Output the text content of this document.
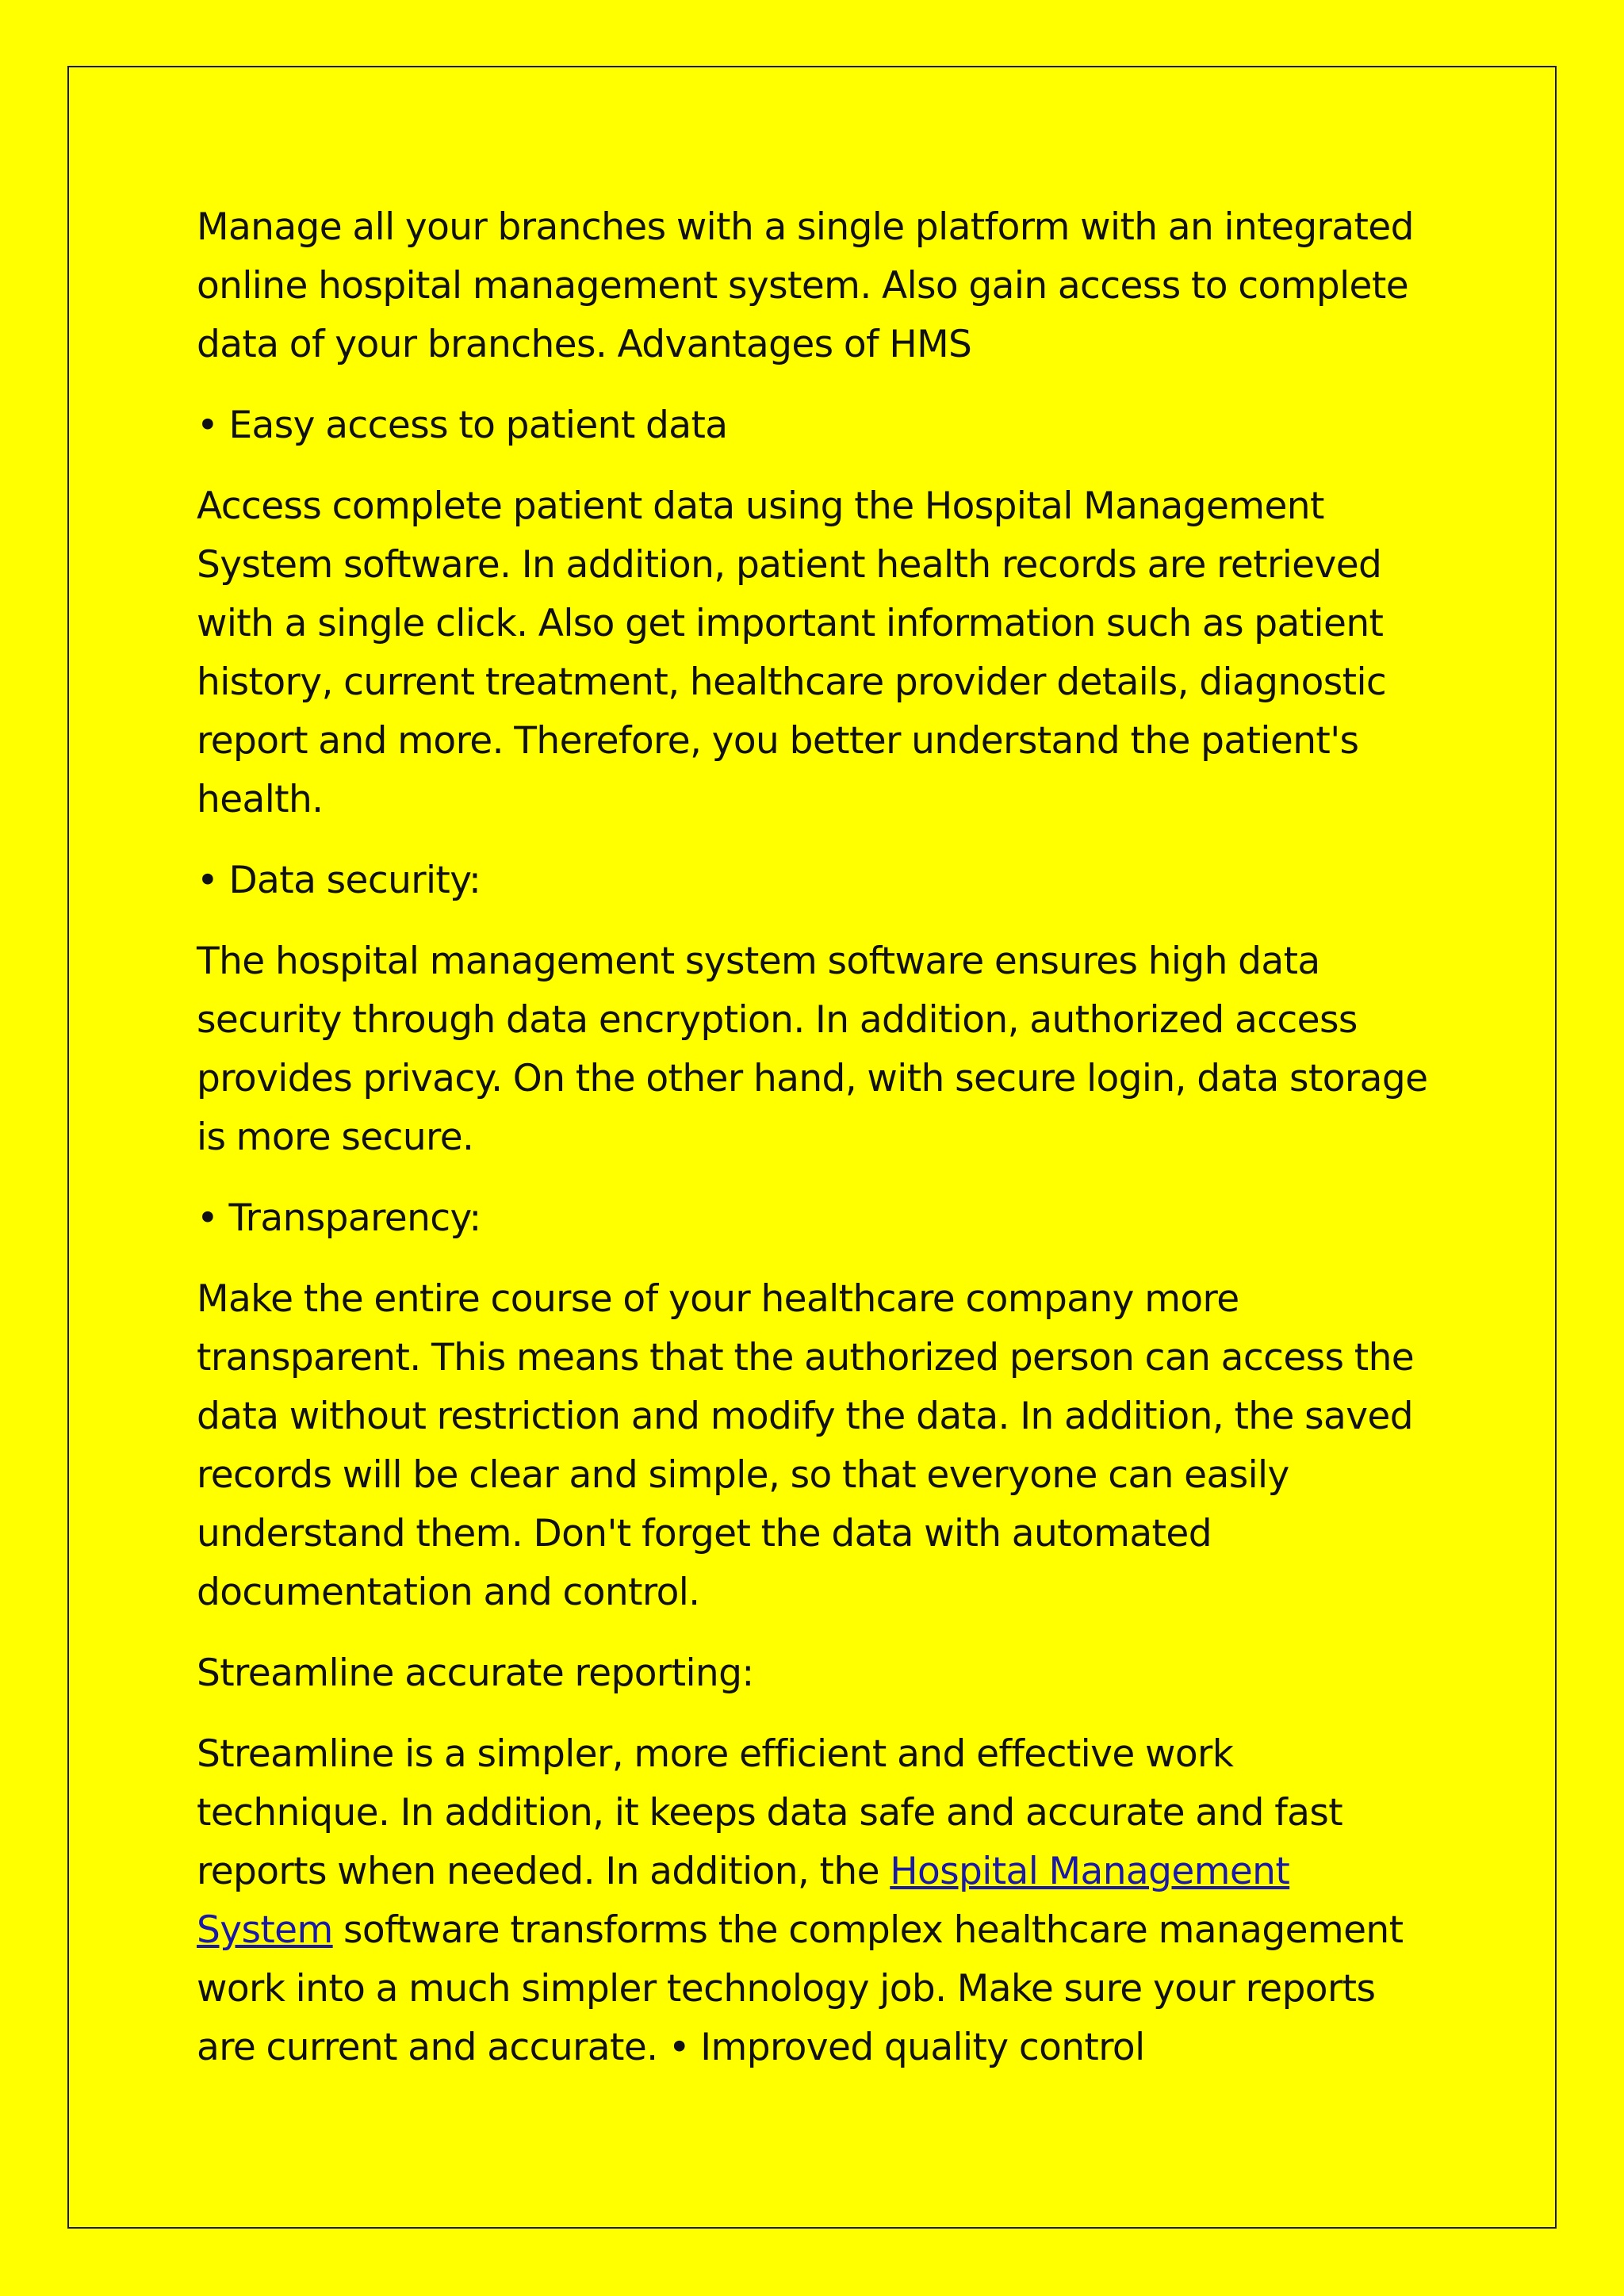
Manage all your branches with a single platform with an integrated online hospital management system. Also gain access to complete data of your branches. Advantages of HMS

• Easy access to patient data

Access complete patient data using the Hospital Management System software. In addition, patient health records are retrieved with a single click. Also get important information such as patient history, current treatment, healthcare provider details, diagnostic report and more. Therefore, you better understand the patient's health.

• Data security:

The hospital management system software ensures high data security through data encryption. In addition, authorized access provides privacy. On the other hand, with secure login, data storage is more secure.

• Transparency:

Make the entire course of your healthcare company more transparent. This means that the authorized person can access the data without restriction and modify the data. In addition, the saved records will be clear and simple, so that everyone can easily understand them. Don't forget the data with automated documentation and control.

Streamline accurate reporting:

Streamline is a simpler, more efficient and effective work technique. In addition, it keeps data safe and accurate and fast reports when needed. In addition, the Hospital Management System software transforms the complex healthcare management work into a much simpler technology job. Make sure your reports are current and accurate. • Improved quality control
